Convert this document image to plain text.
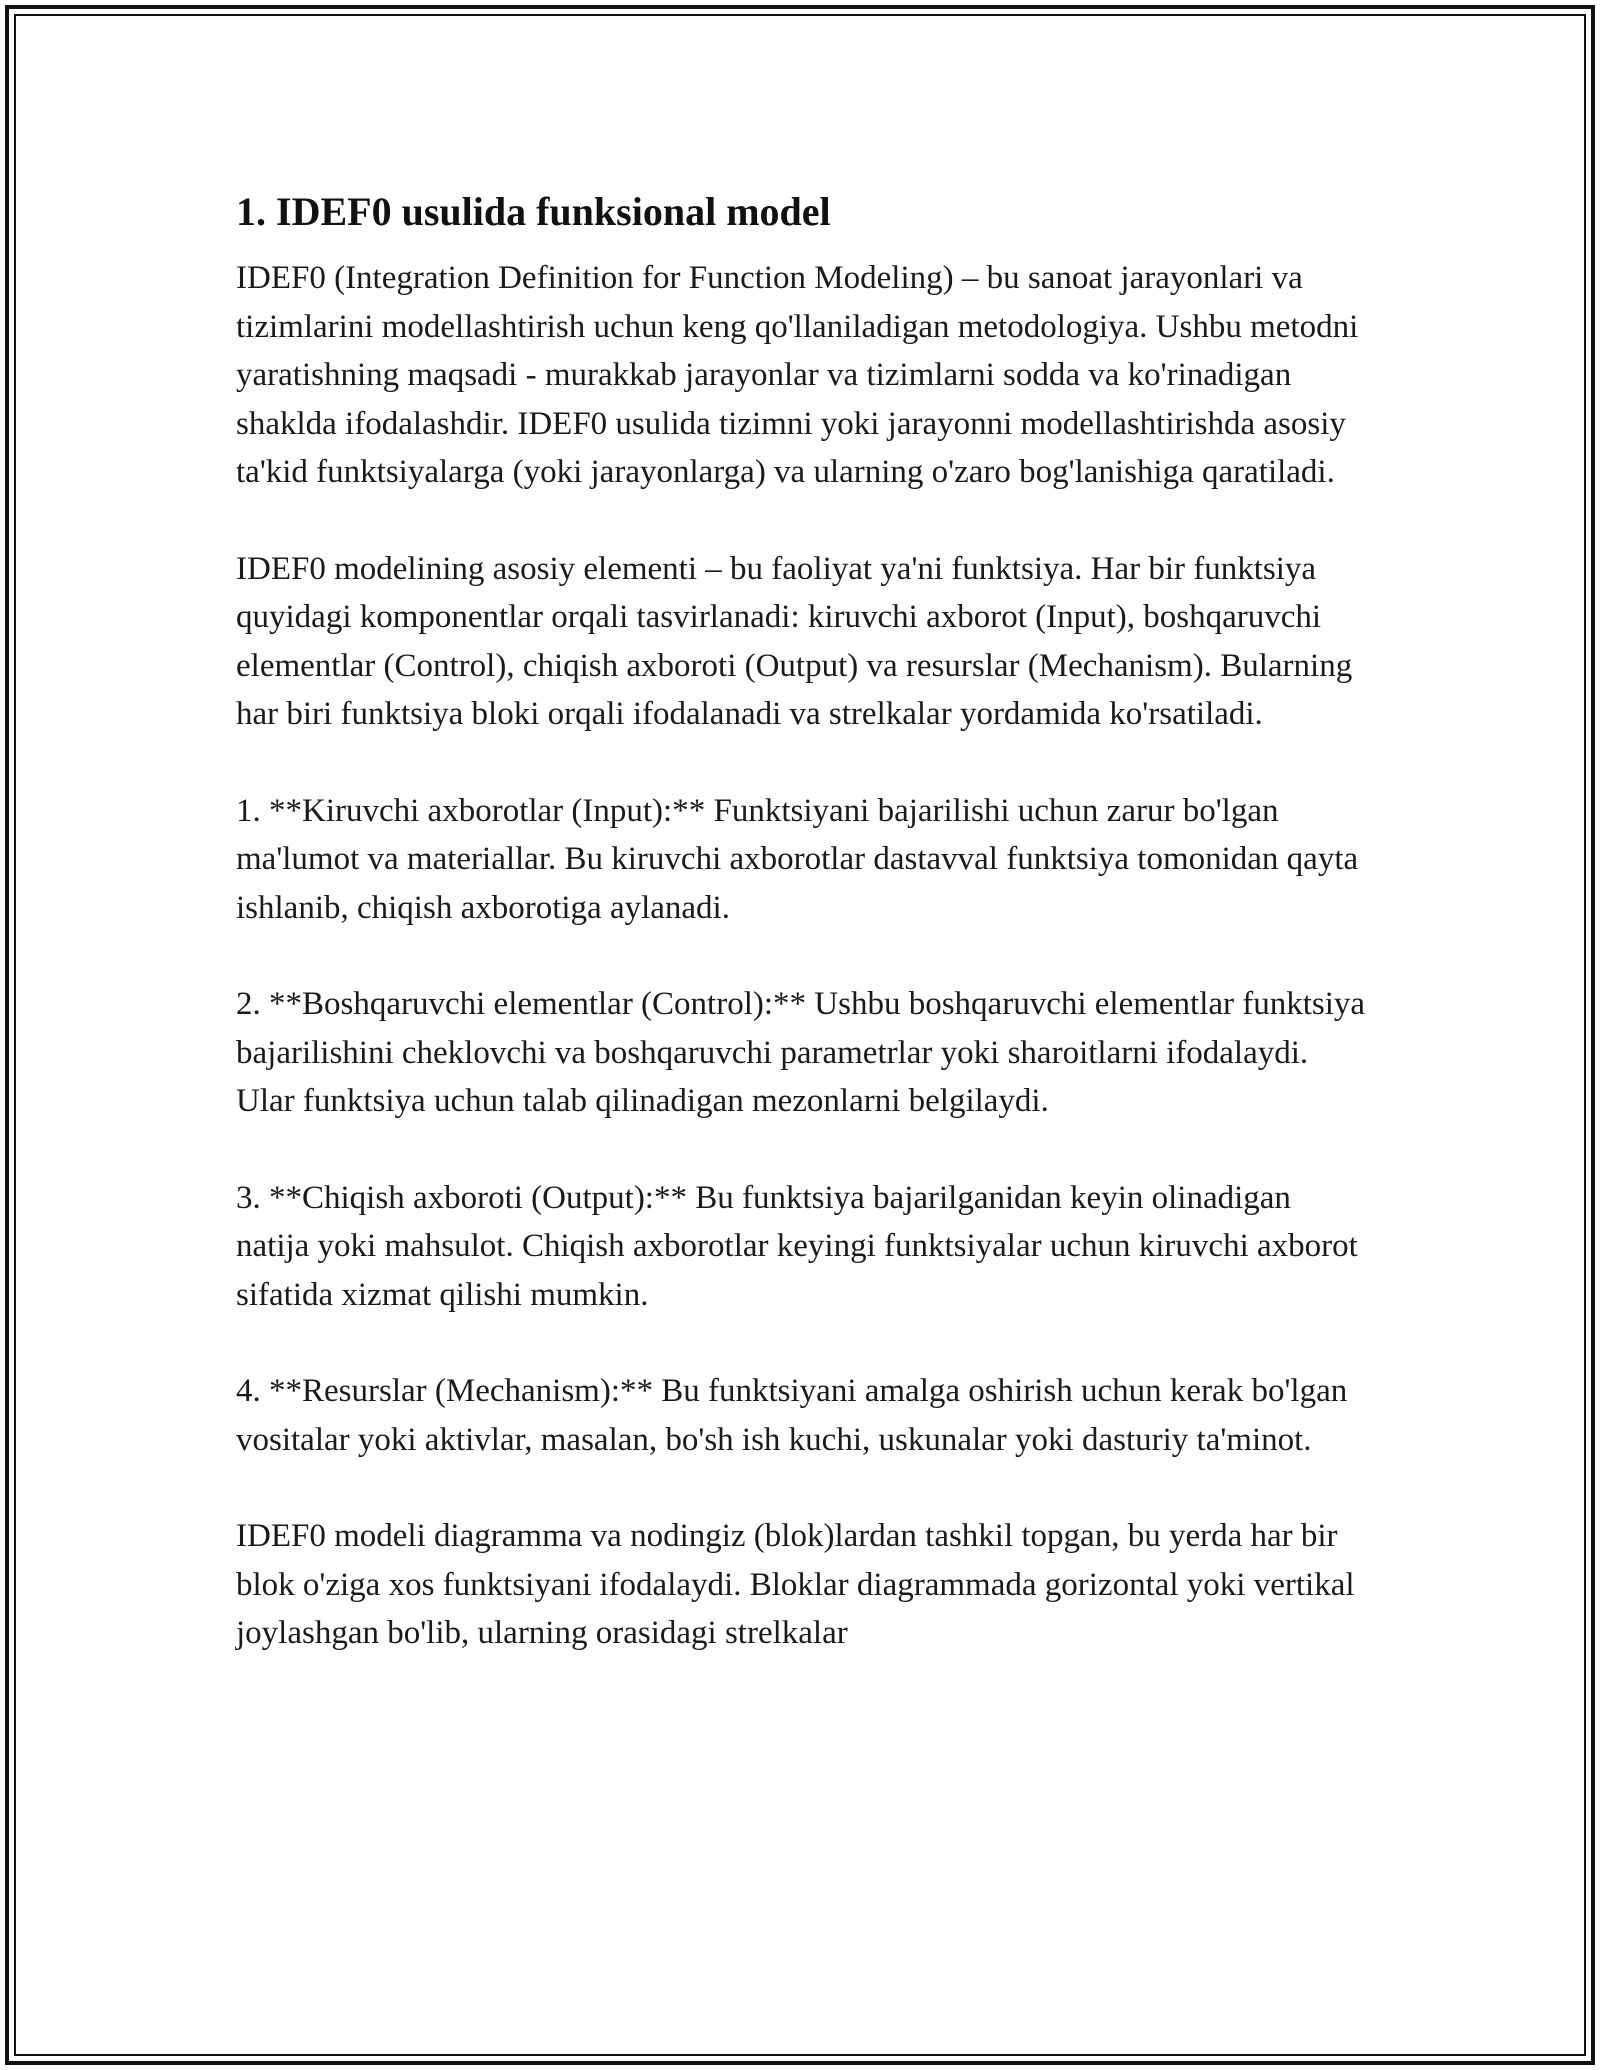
1. IDEF0 usulida funksional model

IDEF0 (Integration Definition for Function Modeling) – bu sanoat jarayonlari va tizimlarini modellashtirish uchun keng qo'llaniladigan metodologiya. Ushbu metodni yaratishning maqsadi - murakkab jarayonlar va tizimlarni sodda va ko'rinadigan shaklda ifodalashdir. IDEF0 usulida tizimni yoki jarayonni modellashtirishda asosiy ta'kid funktsiyalarga (yoki jarayonlarga) va ularning o'zaro bog'lanishiga qaratiladi.

IDEF0 modelining asosiy elementi – bu faoliyat ya'ni funktsiya. Har bir funktsiya quyidagi komponentlar orqali tasvirlanadi: kiruvchi axborot (Input), boshqaruvchi elementlar (Control), chiqish axboroti (Output) va resurslar (Mechanism). Bularning har biri funktsiya bloki orqali ifodalanadi va strelkalar yordamida ko'rsatiladi.

1. **Kiruvchi axborotlar (Input):** Funktsiyani bajarilishi uchun zarur bo'lgan ma'lumot va materiallar. Bu kiruvchi axborotlar dastavval funktsiya tomonidan qayta ishlanib, chiqish axborotiga aylanadi.

2. **Boshqaruvchi elementlar (Control):** Ushbu boshqaruvchi elementlar funktsiya bajarilishini cheklovchi va boshqaruvchi parametrlar yoki sharoitlarni ifodalaydi. Ular funktsiya uchun talab qilinadigan mezonlarni belgilaydi.

3. **Chiqish axboroti (Output):** Bu funktsiya bajarilganidan keyin olinadigan natija yoki mahsulot. Chiqish axborotlar keyingi funktsiyalar uchun kiruvchi axborot sifatida xizmat qilishi mumkin.

4. **Resurslar (Mechanism):** Bu funktsiyani amalga oshirish uchun kerak bo'lgan vositalar yoki aktivlar, masalan, bo'sh ish kuchi, uskunalar yoki dasturiy ta'minot.

IDEF0 modeli diagramma va nodingiz (blok)lardan tashkil topgan, bu yerda har bir blok o'ziga xos funktsiyani ifodalaydi. Bloklar diagrammada gorizontal yoki vertikal joylashgan bo'lib, ularning orasidagi strelkalar
